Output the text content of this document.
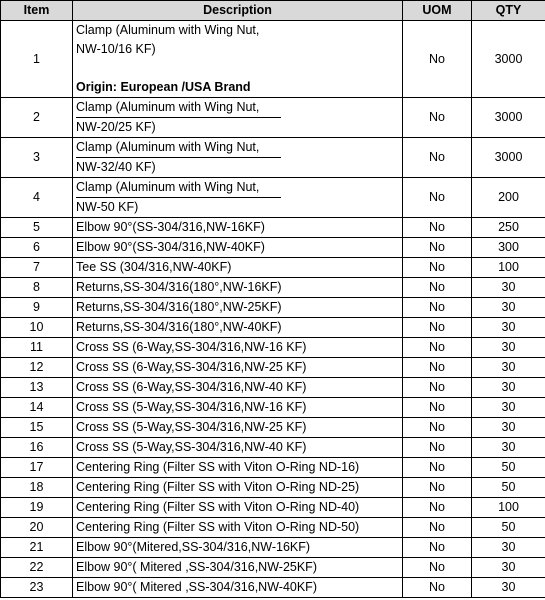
Item	Description	UOM	QTY
1	Clamp (Aluminum with Wing Nut,
NW-10/16 KF)
Origin: European /USA Brand	No	3000
2	Clamp (Aluminum with Wing Nut,
NW-20/25 KF)	No	3000
3	Clamp (Aluminum with Wing Nut,
NW-32/40 KF)	No	3000
4	Clamp (Aluminum with Wing Nut,
NW-50 KF)	No	200
5	Elbow 90°(SS-304/316,NW-16KF)	No	250
6	Elbow 90°(SS-304/316,NW-40KF)	No	300
7	Tee SS (304/316,NW-40KF)	No	100
8	Returns,SS-304/316(180°,NW-16KF)	No	30
9	Returns,SS-304/316(180°,NW-25KF)	No	30
10	Returns,SS-304/316(180°,NW-40KF)	No	30
11	Cross SS (6-Way,SS-304/316,NW-16 KF)	No	30
12	Cross SS (6-Way,SS-304/316,NW-25 KF)	No	30
13	Cross SS (6-Way,SS-304/316,NW-40 KF)	No	30
14	Cross SS (5-Way,SS-304/316,NW-16 KF)	No	30
15	Cross SS (5-Way,SS-304/316,NW-25 KF)	No	30
16	Cross SS (5-Way,SS-304/316,NW-40 KF)	No	30
17	Centering Ring (Filter SS with Viton O-Ring ND-16)	No	50
18	Centering Ring (Filter SS with Viton O-Ring ND-25)	No	50
19	Centering Ring (Filter SS with Viton O-Ring ND-40)	No	100
20	Centering Ring (Filter SS with Viton O-Ring ND-50)	No	50
21	Elbow 90°(Mitered,SS-304/316,NW-16KF)	No	30
22	Elbow 90°( Mitered ,SS-304/316,NW-25KF)	No	30
23	Elbow 90°( Mitered ,SS-304/316,NW-40KF)	No	30
